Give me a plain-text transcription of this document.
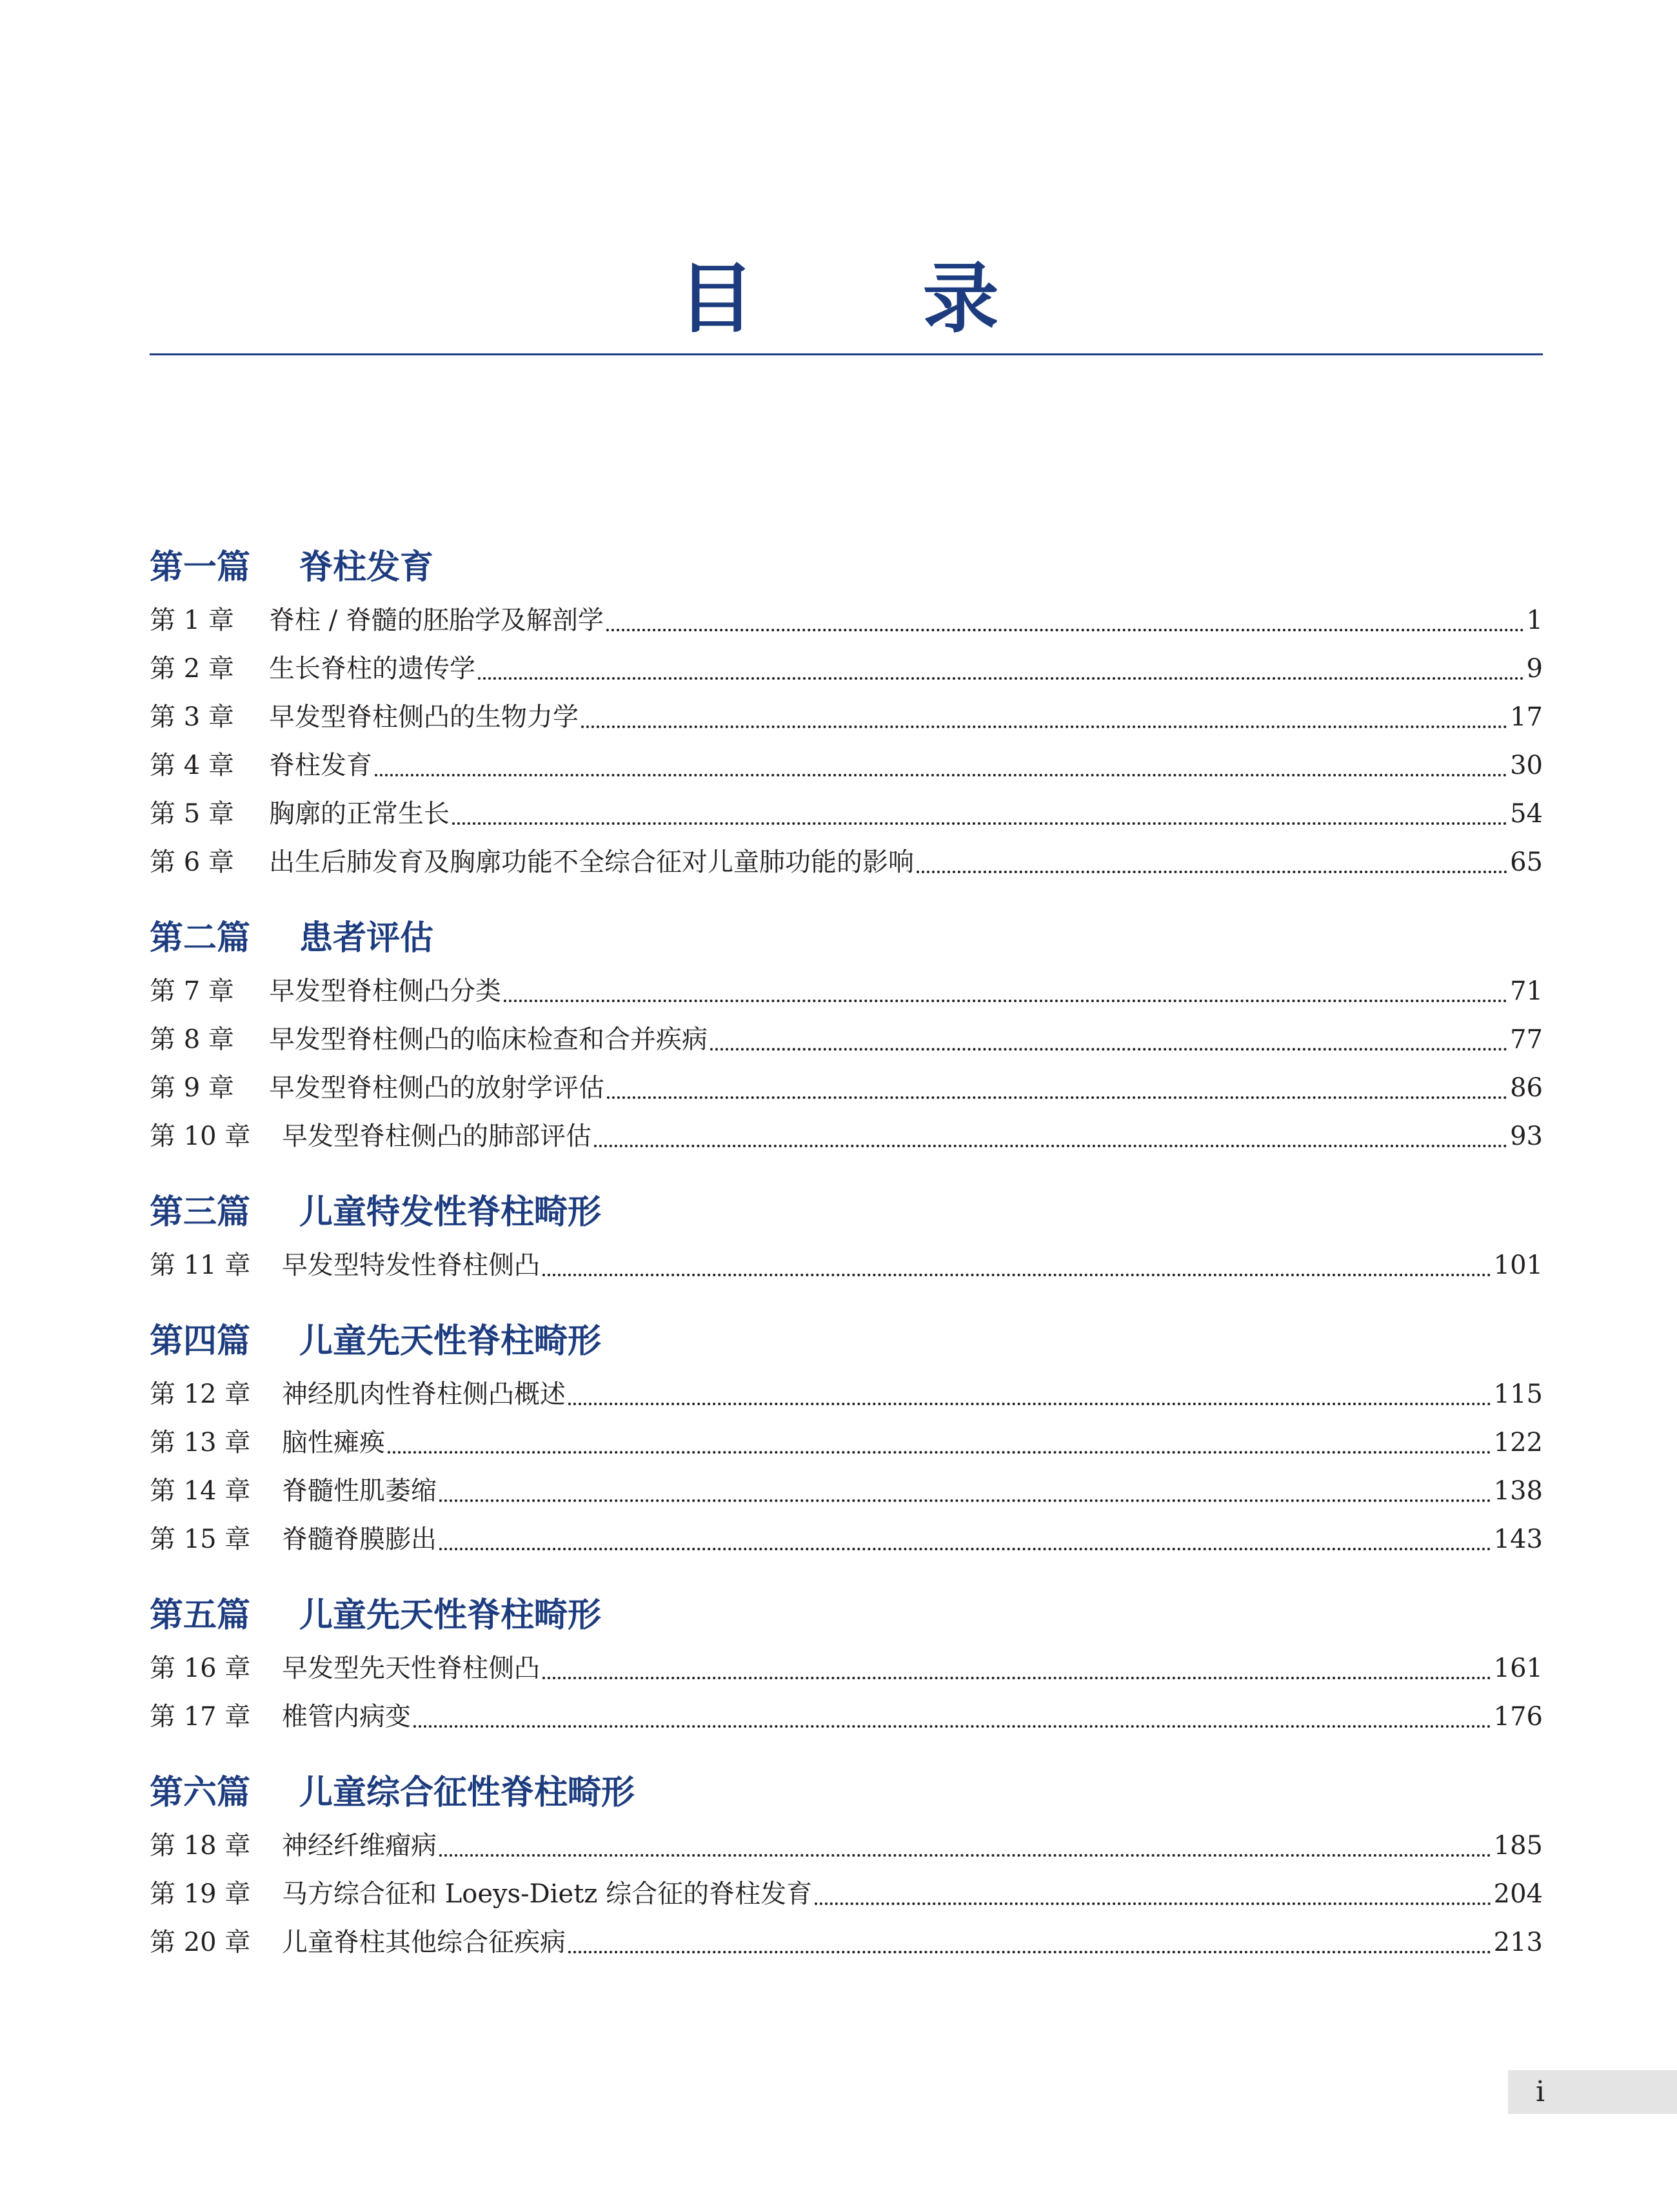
目 录
第一篇 脊柱发育
第 1 章	脊柱 / 脊髓的胚胎学及解剖学	1
第 2 章	生长脊柱的遗传学	9
第 3 章	早发型脊柱侧凸的生物力学	17
第 4 章	脊柱发育	30
第 5 章	胸廓的正常生长	54
第 6 章	出生后肺发育及胸廓功能不全综合征对儿童肺功能的影响	65
第二篇 患者评估
第 7 章	早发型脊柱侧凸分类	71
第 8 章	早发型脊柱侧凸的临床检查和合并疾病	77
第 9 章	早发型脊柱侧凸的放射学评估	86
第 10 章	早发型脊柱侧凸的肺部评估	93
第三篇 儿童特发性脊柱畸形
第 11 章	早发型特发性脊柱侧凸	101
第四篇 儿童先天性脊柱畸形
第 12 章	神经肌肉性脊柱侧凸概述	115
第 13 章	脑性瘫痪	122
第 14 章	脊髓性肌萎缩	138
第 15 章	脊髓脊膜膨出	143
第五篇 儿童先天性脊柱畸形
第 16 章	早发型先天性脊柱侧凸	161
第 17 章	椎管内病变	176
第六篇 儿童综合征性脊柱畸形
第 18 章	神经纤维瘤病	185
第 19 章	马方综合征和 Loeys-Dietz 综合征的脊柱发育	204
第 20 章	儿童脊柱其他综合征疾病	213
i
